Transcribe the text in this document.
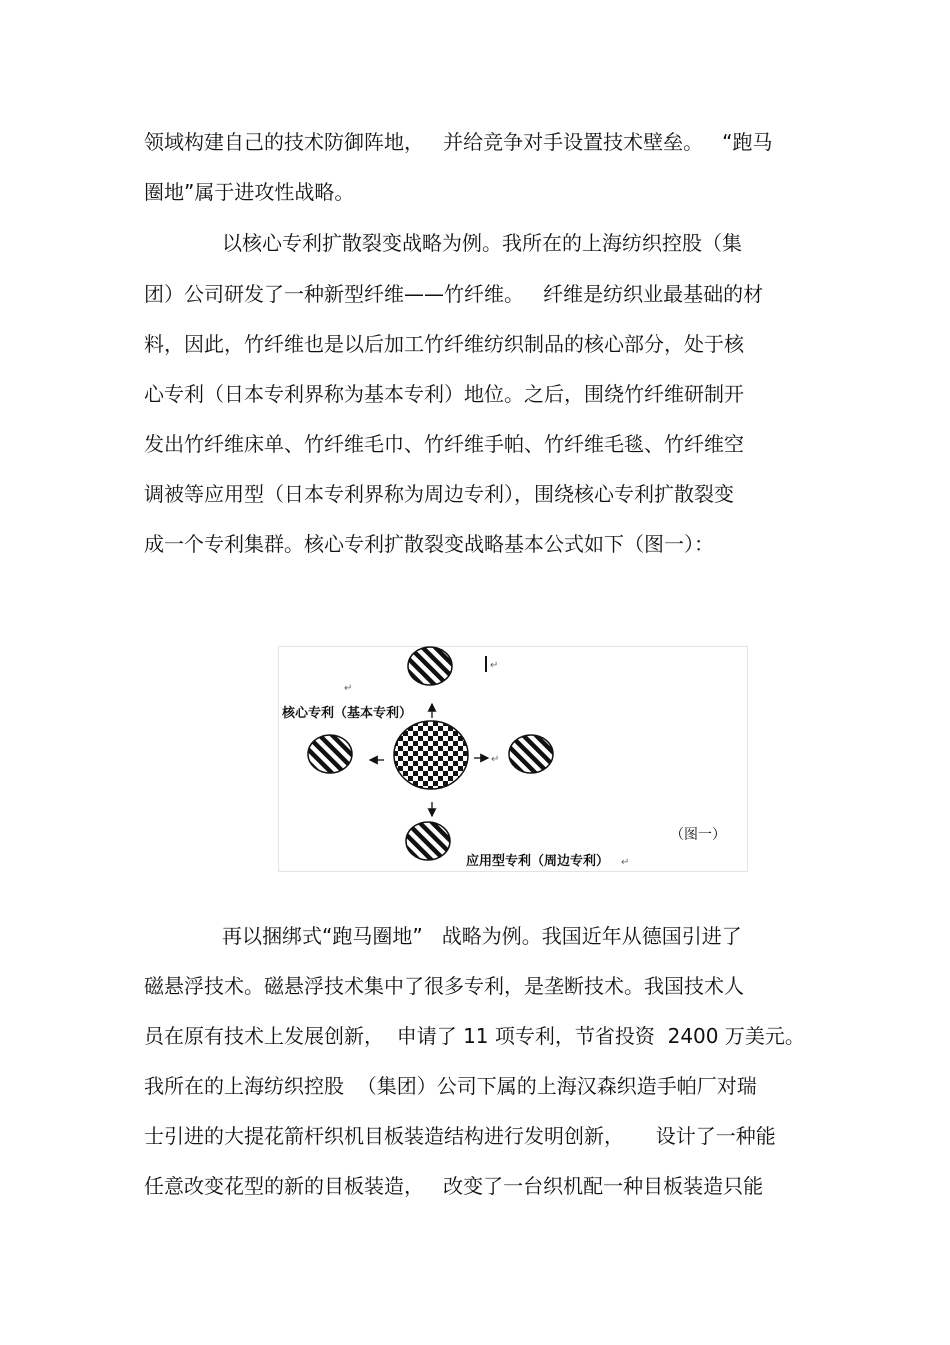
领域构建自己的技术防御阵地，   并给竞争对手设置技术壁垒。   “跑马
圈地”属于进攻性战略。
以核心专利扩散裂变战略为例。我所在的上海纺织控股（集
团）公司研发了一种新型纤维——竹纤维。   纤维是纺织业最基础的材
料，因此，竹纤维也是以后加工竹纤维纺织制品的核心部分，处于核
心专利（日本专利界称为基本专利）地位。之后，围绕竹纤维研制开
发出竹纤维床单、竹纤维毛巾、竹纤维手帕、竹纤维毛毯、竹纤维空
调被等应用型（日本专利界称为周边专利），围绕核心专利扩散裂变
成一个专利集群。核心专利扩散裂变战略基本公式如下（图一）：
↵
↵
核心专利（基本专利）
↵
（图一）
应用型专利（周边专利） ↵
再以捆绑式“跑马圈地”   战略为例。我国近年从德国引进了
磁悬浮技术。磁悬浮技术集中了很多专利，是垄断技术。我国技术人
员在原有技术上发展创新，  申请了 11 项专利，节省投资  2400 万美元。
我所在的上海纺织控股  （集团）公司下属的上海汉森织造手帕厂对瑞
士引进的大提花箭杆织机目板装造结构进行发明创新，     设计了一种能
任意改变花型的新的目板装造，   改变了一台织机配一种目板装造只能
